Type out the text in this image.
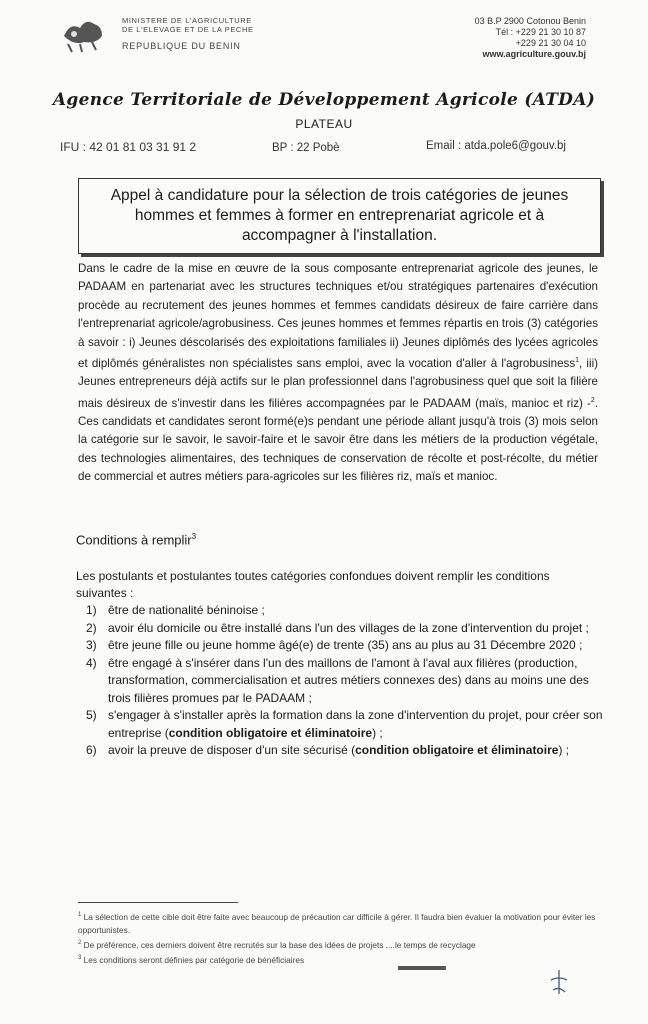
MINISTERE DE L'AGRICULTURE
DE L'ELEVAGE ET DE LA PECHE
REPUBLIQUE DU BENIN
03 B.P 2900 Cotonou Benin
Tél : +229 21 30 10 87
+229 21 30 04 10
www.agriculture.gouv.bj
Agence Territoriale de Développement Agricole (ATDA)
PLATEAU
IFU : 42 01 81 03 31 91 2	BP : 22 Pobè	Email : atda.pole6@gouv.bj
Appel à candidature pour la sélection de trois catégories de jeunes hommes et femmes à former en entreprenariat agricole et à accompagner à l'installation.
Dans le cadre de la mise en œuvre de la sous composante entreprenariat agricole des jeunes, le PADAAM en partenariat avec les structures techniques et/ou stratégiques partenaires d'exécution procède au recrutement des jeunes hommes et femmes candidats désireux de faire carrière dans l'entreprenariat agricole/agrobusiness. Ces jeunes hommes et femmes répartis en trois (3) catégories à savoir : i) Jeunes déscolarisés des exploitations familiales ii) Jeunes diplômés des lycées agricoles et diplômés généralistes non spécialistes sans emploi, avec la vocation d'aller à l'agrobusiness$^1$, iii) Jeunes entrepreneurs déjà actifs sur le plan professionnel dans l'agrobusiness quel que soit la filière mais désireux de s'investir dans les filières accompagnées par le PADAAM (maïs, manioc et riz) -$^2$. Ces candidats et candidates seront formé(e)s pendant une période allant jusqu'à trois (3) mois selon la catégorie sur le savoir, le savoir-faire et le savoir être dans les métiers de la production végétale, des technologies alimentaires, des techniques de conservation de récolte et post-récolte, du métier de commercial et autres métiers para-agricoles sur les filières riz, maïs et manioc.
Conditions à remplir$^3$
Les postulants et postulantes toutes catégories confondues doivent remplir les conditions suivantes :
1) être de nationalité béninoise ;
2) avoir élu domicile ou être installé dans l'un des villages de la zone d'intervention du projet ;
3) être jeune fille ou jeune homme âgé(e) de trente (35) ans au plus au 31 Décembre 2020 ;
4) être engagé à s'insérer dans l'un des maillons de l'amont à l'aval aux filières (production, transformation, commercialisation et autres métiers connexes des) dans au moins une des trois filières promues par le PADAAM ;
5) s'engager à s'installer après la formation dans la zone d'intervention du projet, pour créer son entreprise (condition obligatoire et éliminatoire) ;
6) avoir la preuve de disposer d'un site sécurisé (condition obligatoire et éliminatoire) ;
$^1$ La sélection de cette cible doit être faite avec beaucoup de précaution car difficile à gérer. Il faudra bien évaluer la motivation pour éviter les opportunistes.
$^2$ De préférence, ces derniers doivent être recrutés sur la base des idées de projets ....le temps de recyclage
$^3$ Les conditions seront définies par catégorie de bénéficiaires
